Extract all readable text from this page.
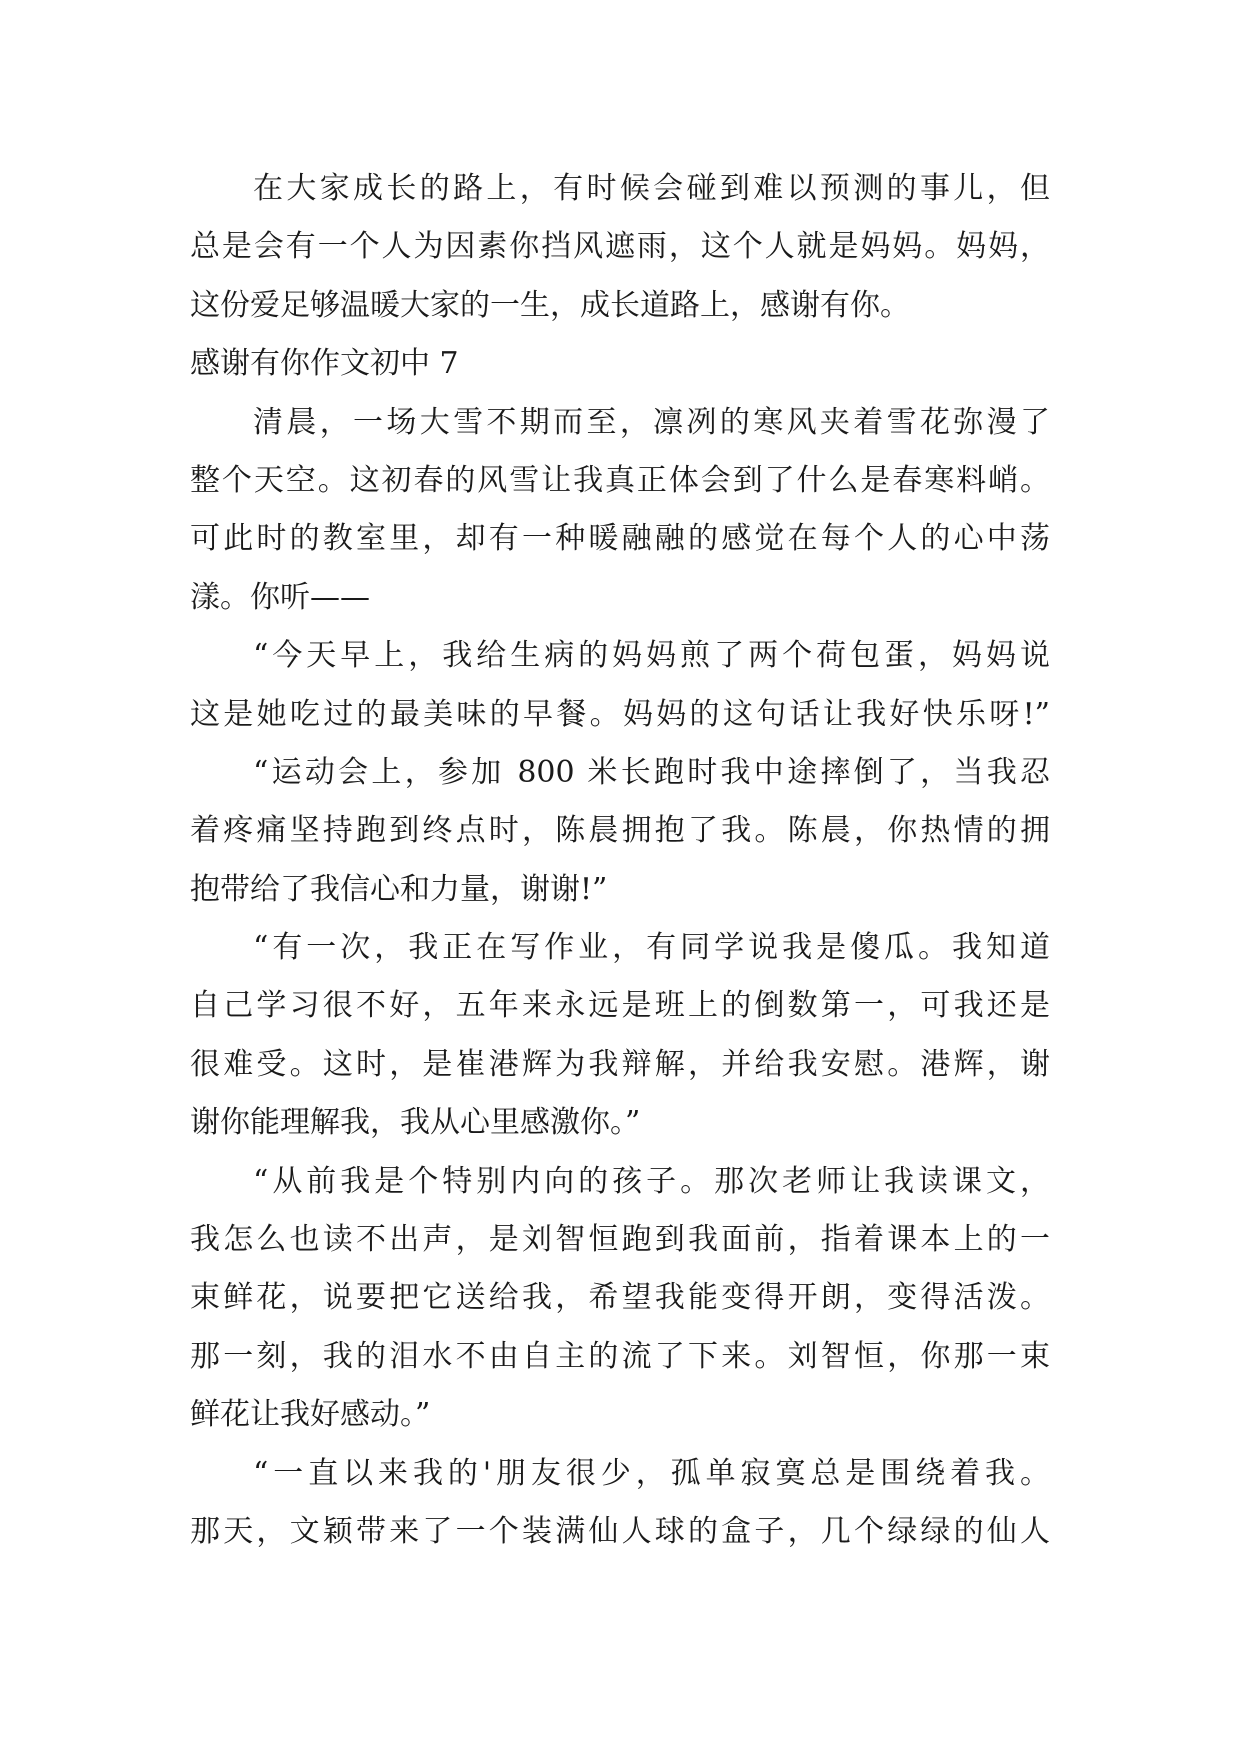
在大家成长的路上，有时候会碰到难以预测的事儿，但
总是会有一个人为因素你挡风遮雨，这个人就是妈妈。妈妈，
这份爱足够温暖大家的一生，成长道路上，感谢有你。
感谢有你作文初中 7
清晨，一场大雪不期而至，凛冽的寒风夹着雪花弥漫了
整个天空。这初春的风雪让我真正体会到了什么是春寒料峭。
可此时的教室里，却有一种暖融融的感觉在每个人的心中荡
漾。你听——
“今天早上，我给生病的妈妈煎了两个荷包蛋，妈妈说
这是她吃过的最美味的早餐。妈妈的这句话让我好快乐呀!”
“运动会上，参加 800 米长跑时我中途摔倒了，当我忍
着疼痛坚持跑到终点时，陈晨拥抱了我。陈晨，你热情的拥
抱带给了我信心和力量，谢谢!”
“有一次，我正在写作业，有同学说我是傻瓜。我知道
自己学习很不好，五年来永远是班上的倒数第一，可我还是
很难受。这时，是崔港辉为我辩解，并给我安慰。港辉，谢
谢你能理解我，我从心里感激你。”
“从前我是个特别内向的孩子。那次老师让我读课文，
我怎么也读不出声，是刘智恒跑到我面前，指着课本上的一
束鲜花，说要把它送给我，希望我能变得开朗，变得活泼。
那一刻，我的泪水不由自主的流了下来。刘智恒，你那一束
鲜花让我好感动。”
“一直以来我的'朋友很少，孤单寂寞总是围绕着我。
那天，文颖带来了一个装满仙人球的盒子，几个绿绿的仙人
